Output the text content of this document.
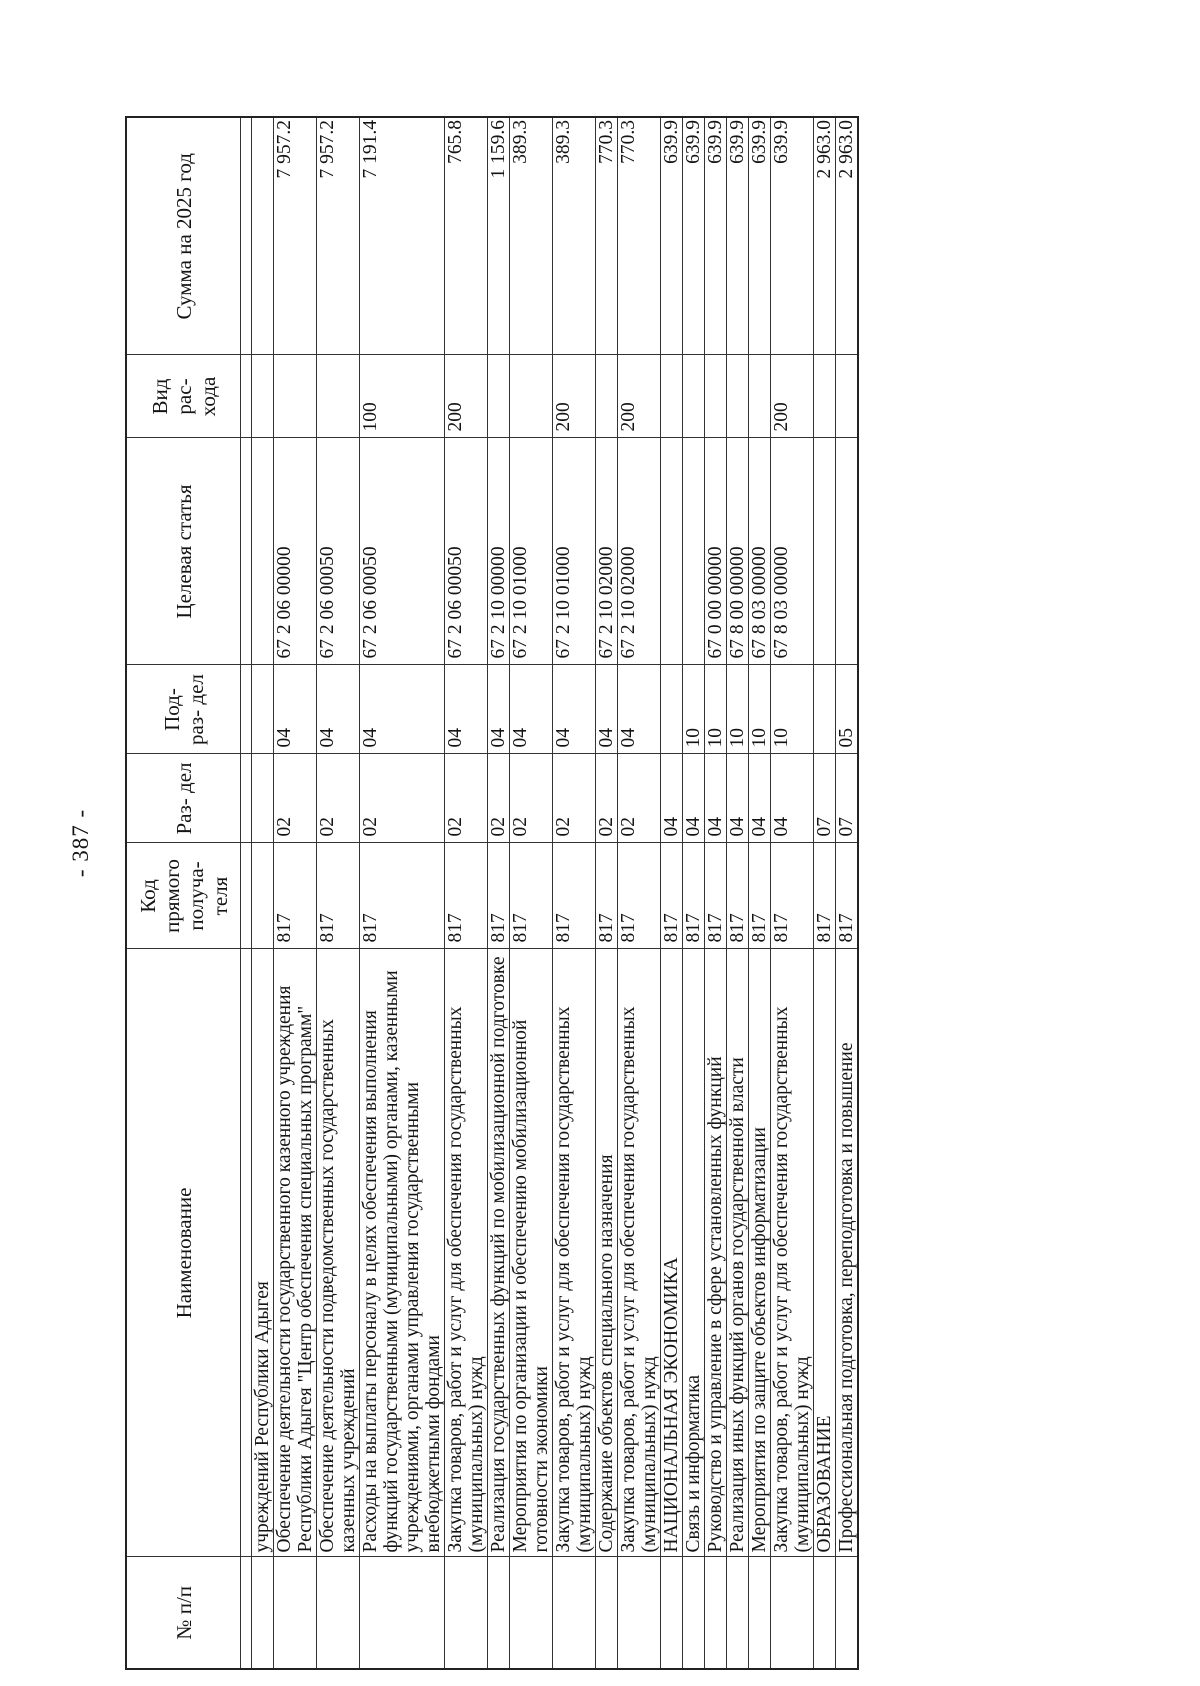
- 387 -
№ п/п	Наименование	Код прямого получа- теля	Раз- дел	Под- раз- дел	Целевая статья	Вид рас- хода	Сумма на 2025 год

	учреждений Республики Адыгея						
	Обеспечение деятельности государственного казенного учреждения Республики Адыгея "Центр обеспечения специальных программ"	817	02	04	67 2 06 00000		7 957.2
	Обеспечение деятельности подведомственных государственных казенных учреждений	817	02	04	67 2 06 00050		7 957.2
	Расходы на выплаты персоналу в целях обеспечения выполнения функций государственными (муниципальными) органами, казенными учреждениями, органами управления государственными внебюджетными фондами	817	02	04	67 2 06 00050	100	7 191.4
	Закупка товаров, работ и услуг для обеспечения государственных (муниципальных) нужд	817	02	04	67 2 06 00050	200	765.8
	Реализация государственных функций по мобилизационной подготовке	817	02	04	67 2 10 00000		1 159.6
	Мероприятия по организации и обеспечению мобилизационной готовности экономики	817	02	04	67 2 10 01000		389.3
	Закупка товаров, работ и услуг для обеспечения государственных (муниципальных) нужд	817	02	04	67 2 10 01000	200	389.3
	Содержание объектов специального назначения	817	02	04	67 2 10 02000		770.3
	Закупка товаров, работ и услуг для обеспечения государственных (муниципальных) нужд	817	02	04	67 2 10 02000	200	770.3
	НАЦИОНАЛЬНАЯ ЭКОНОМИКА	817	04				639.9
	Связь и информатика	817	04	10			639.9
	Руководство и управление в сфере установленных функций	817	04	10	67 0 00 00000		639.9
	Реализация иных функций органов государственной власти	817	04	10	67 8 00 00000		639.9
	Мероприятия по защите объектов информатизации	817	04	10	67 8 03 00000		639.9
	Закупка товаров, работ и услуг для обеспечения государственных (муниципальных) нужд	817	04	10	67 8 03 00000	200	639.9
	ОБРАЗОВАНИЕ	817	07				2 963.0
	Профессиональная подготовка, переподготовка и повышение	817	07	05			2 963.0
